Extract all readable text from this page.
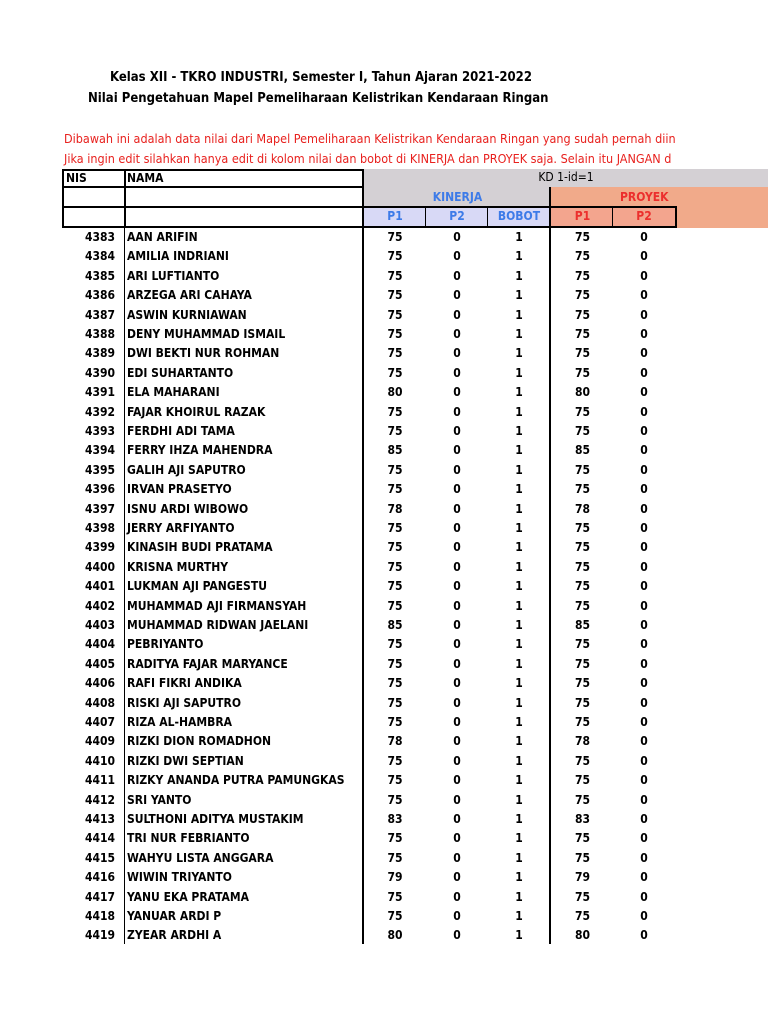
Kelas XII - TKRO INDUSTRI, Semester I, Tahun Ajaran 2021-2022
Nilai Pengetahuan Mapel Pemeliharaan Kelistrikan Kendaraan Ringan
Dibawah ini adalah data nilai dari Mapel Pemeliharaan Kelistrikan Kendaraan Ringan yang sudah pernah diin
Jika ingin edit silahkan hanya edit di kolom nilai dan bobot di KINERJA dan PROYEK saja. Selain itu JANGAN d
NIS	NAMA	KD 1-id=1
KINERJA	PROYEK
P1	P2	BOBOT	P1	P2
4383 AAN ARIFIN	75	0	1	75	0
4384 AMILIA INDRIANI	75	0	1	75	0
4385 ARI LUFTIANTO	75	0	1	75	0
4386 ARZEGA ARI CAHAYA	75	0	1	75	0
4387 ASWIN KURNIAWAN	75	0	1	75	0
4388 DENY MUHAMMAD ISMAIL	75	0	1	75	0
4389 DWI BEKTI NUR ROHMAN	75	0	1	75	0
4390 EDI SUHARTANTO	75	0	1	75	0
4391 ELA MAHARANI	80	0	1	80	0
4392 FAJAR KHOIRUL RAZAK	75	0	1	75	0
4393 FERDHI ADI TAMA	75	0	1	75	0
4394 FERRY IHZA MAHENDRA	85	0	1	85	0
4395 GALIH AJI SAPUTRO	75	0	1	75	0
4396 IRVAN PRASETYO	75	0	1	75	0
4397 ISNU ARDI WIBOWO	78	0	1	78	0
4398 JERRY ARFIYANTO	75	0	1	75	0
4399 KINASIH BUDI PRATAMA	75	0	1	75	0
4400 KRISNA MURTHY	75	0	1	75	0
4401 LUKMAN AJI PANGESTU	75	0	1	75	0
4402 MUHAMMAD AJI FIRMANSYAH	75	0	1	75	0
4403 MUHAMMAD RIDWAN JAELANI	85	0	1	85	0
4404 PEBRIYANTO	75	0	1	75	0
4405 RADITYA FAJAR MARYANCE	75	0	1	75	0
4406 RAFI FIKRI ANDIKA	75	0	1	75	0
4408 RISKI AJI SAPUTRO	75	0	1	75	0
4407 RIZA AL-HAMBRA	75	0	1	75	0
4409 RIZKI DION ROMADHON	78	0	1	78	0
4410 RIZKI DWI SEPTIAN	75	0	1	75	0
4411 RIZKY ANANDA PUTRA PAMUNGKAS	75	0	1	75	0
4412 SRI YANTO	75	0	1	75	0
4413 SULTHONI ADITYA MUSTAKIM	83	0	1	83	0
4414 TRI NUR FEBRIANTO	75	0	1	75	0
4415 WAHYU LISTA ANGGARA	75	0	1	75	0
4416 WIWIN TRIYANTO	79	0	1	79	0
4417 YANU EKA PRATAMA	75	0	1	75	0
4418 YANUAR ARDI P	75	0	1	75	0
4419 ZYEAR ARDHI A	80	0	1	80	0
